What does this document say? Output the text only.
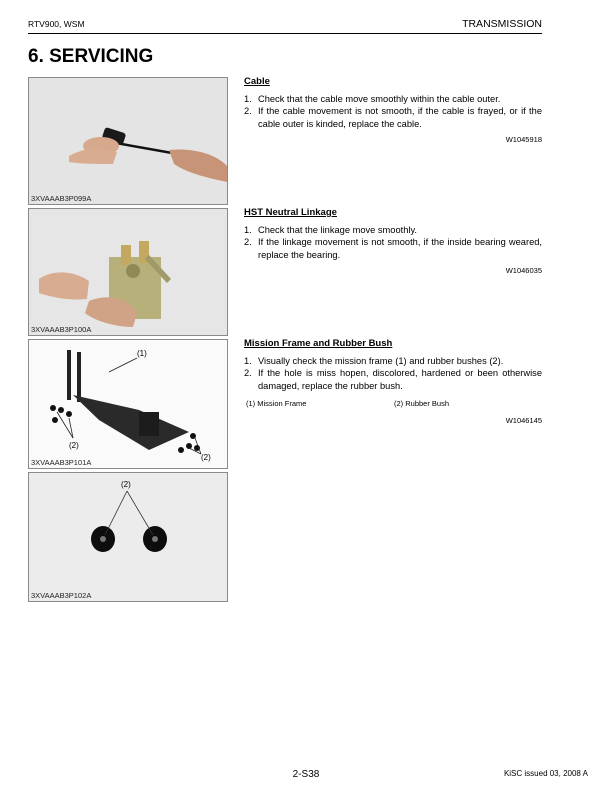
RTV900, WSM	TRANSMISSION
6. SERVICING
3XVAAAB3P099A
3XVAAAB3P100A
(1)
(2)
(2)
3XVAAAB3P101A
(2)
3XVAAAB3P102A
Cable
1. Check that the cable move smoothly within the cable outer.
2. If the cable movement is not smooth, if the cable is frayed, or if the cable outer is kinded, replace the cable.
W1045918
HST Neutral Linkage
1. Check that the linkage move smoothly.
2. If the linkage movement is not smooth, if the inside bearing weared, replace the bearing.
W1046035
Mission Frame and Rubber Bush
1. Visually check the mission frame (1) and rubber bushes (2).
2. If the hole is miss hopen, discolored, hardened or been otherwise damaged, replace the rubber bush.
(1) Mission Frame	(2) Rubber Bush
W1046145
2-S38	KiSC issued 03, 2008 A
